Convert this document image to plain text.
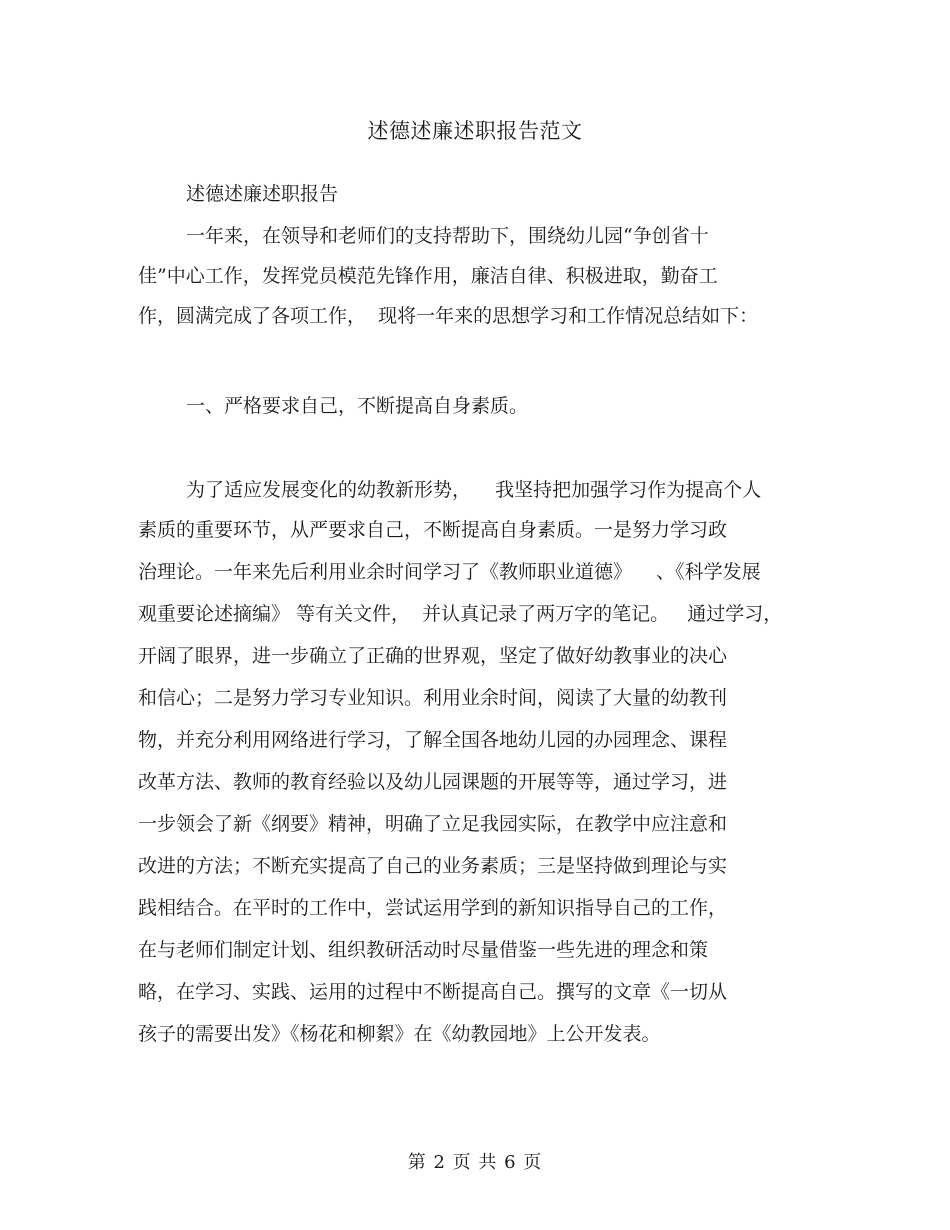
述德述廉述职报告范文
述德述廉述职报告
一年来，在领导和老师们的支持帮助下，围绕幼儿园“争创省十
佳”中心工作，发挥党员模范先锋作用，廉洁自律、积极进取，勤奋工
作，圆满完成了各项工作，  现将一年来的思想学习和工作情况总结如下：
一、严格要求自己，不断提高自身素质。
为了适应发展变化的幼教新形势，    我坚持把加强学习作为提高个人
素质的重要环节，从严要求自己，不断提高自身素质。一是努力学习政
治理论。一年来先后利用业余时间学习了《教师职业道德》    、《科学发展
观重要论述摘编》 等有关文件，  并认真记录了两万字的笔记。   通过学习，
开阔了眼界，进一步确立了正确的世界观，坚定了做好幼教事业的决心
和信心；二是努力学习专业知识。利用业余时间，阅读了大量的幼教刊
物，并充分利用网络进行学习，了解全国各地幼儿园的办园理念、课程
改革方法、教师的教育经验以及幼儿园课题的开展等等，通过学习，进
一步领会了新《纲要》精神，明确了立足我园实际，在教学中应注意和
改进的方法；不断充实提高了自己的业务素质；三是坚持做到理论与实
践相结合。在平时的工作中，尝试运用学到的新知识指导自己的工作，
在与老师们制定计划、组织教研活动时尽量借鉴一些先进的理念和策
略，在学习、实践、运用的过程中不断提高自己。撰写的文章《一切从
孩子的需要出发》《杨花和柳絮》在《幼教园地》上公开发表。
第 2 页 共 6 页
